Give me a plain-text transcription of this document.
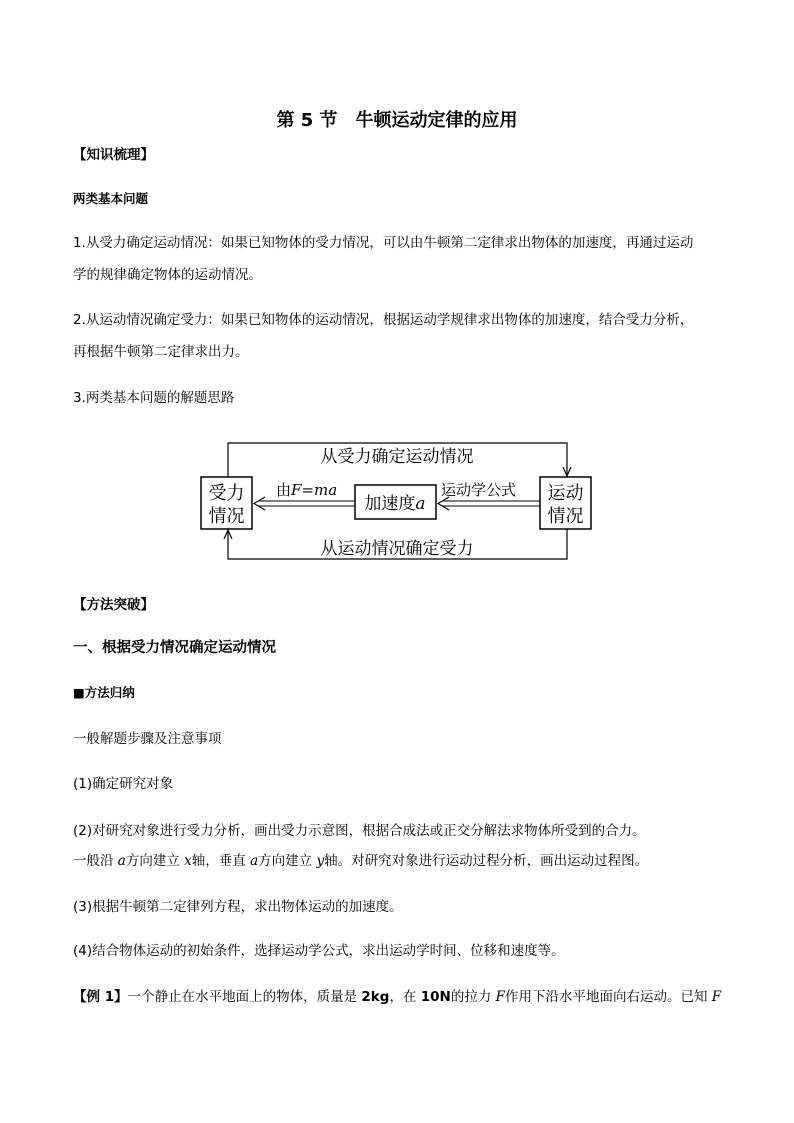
第 5 节　牛顿运动定律的应用
【知识梳理】
两类基本问题
1.从受力确定运动情况：如果已知物体的受力情况，可以由牛顿第二定律求出物体的加速度，再通过运动
学的规律确定物体的运动情况。
2.从运动情况确定受力：如果已知物体的运动情况，根据运动学规律求出物体的加速度，结合受力分析，
再根据牛顿第二定律求出力。
3.两类基本问题的解题思路
从受力确定运动情况
从运动情况确定受力
受力
情况
运动
情况
加速度a
由F=ma	运动学公式
【方法突破】
一、根据受力情况确定运动情况
■方法归纳
一般解题步骤及注意事项
(1)确定研究对象
(2)对研究对象进行受力分析，画出受力示意图，根据合成法或正交分解法求物体所受到的合力。
一般沿 a方向建立 x轴，垂直 a方向建立 y轴。对研究对象进行运动过程分析，画出运动过程图。
(3)根据牛顿第二定律列方程，求出物体运动的加速度。
(4)结合物体运动的初始条件，选择运动学公式，求出运动学时间、位移和速度等。
【例 1】一个静止在水平地面上的物体，质量是 2kg，在 10N的拉力 F作用下沿水平地面向右运动。已知 F
